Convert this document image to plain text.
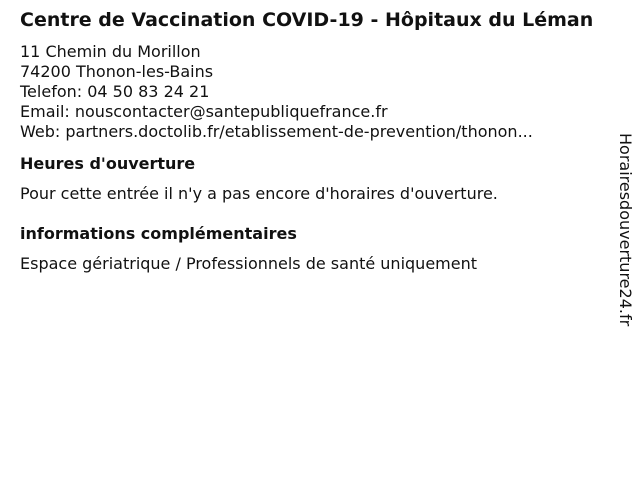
Centre de Vaccination COVID-19 - Hôpitaux du Léman
11 Chemin du Morillon
74200 Thonon-les-Bains
Telefon: 04 50 83 24 21
Email: nouscontacter@santepubliquefrance.fr
Web: partners.doctolib.fr/etablissement-de-prevention/thonon...
Heures d'ouverture
Pour cette entrée il n'y a pas encore d'horaires d'ouverture.
informations complémentaires
Espace gériatrique / Professionnels de santé uniquement	Horairesdouverture24.fr
